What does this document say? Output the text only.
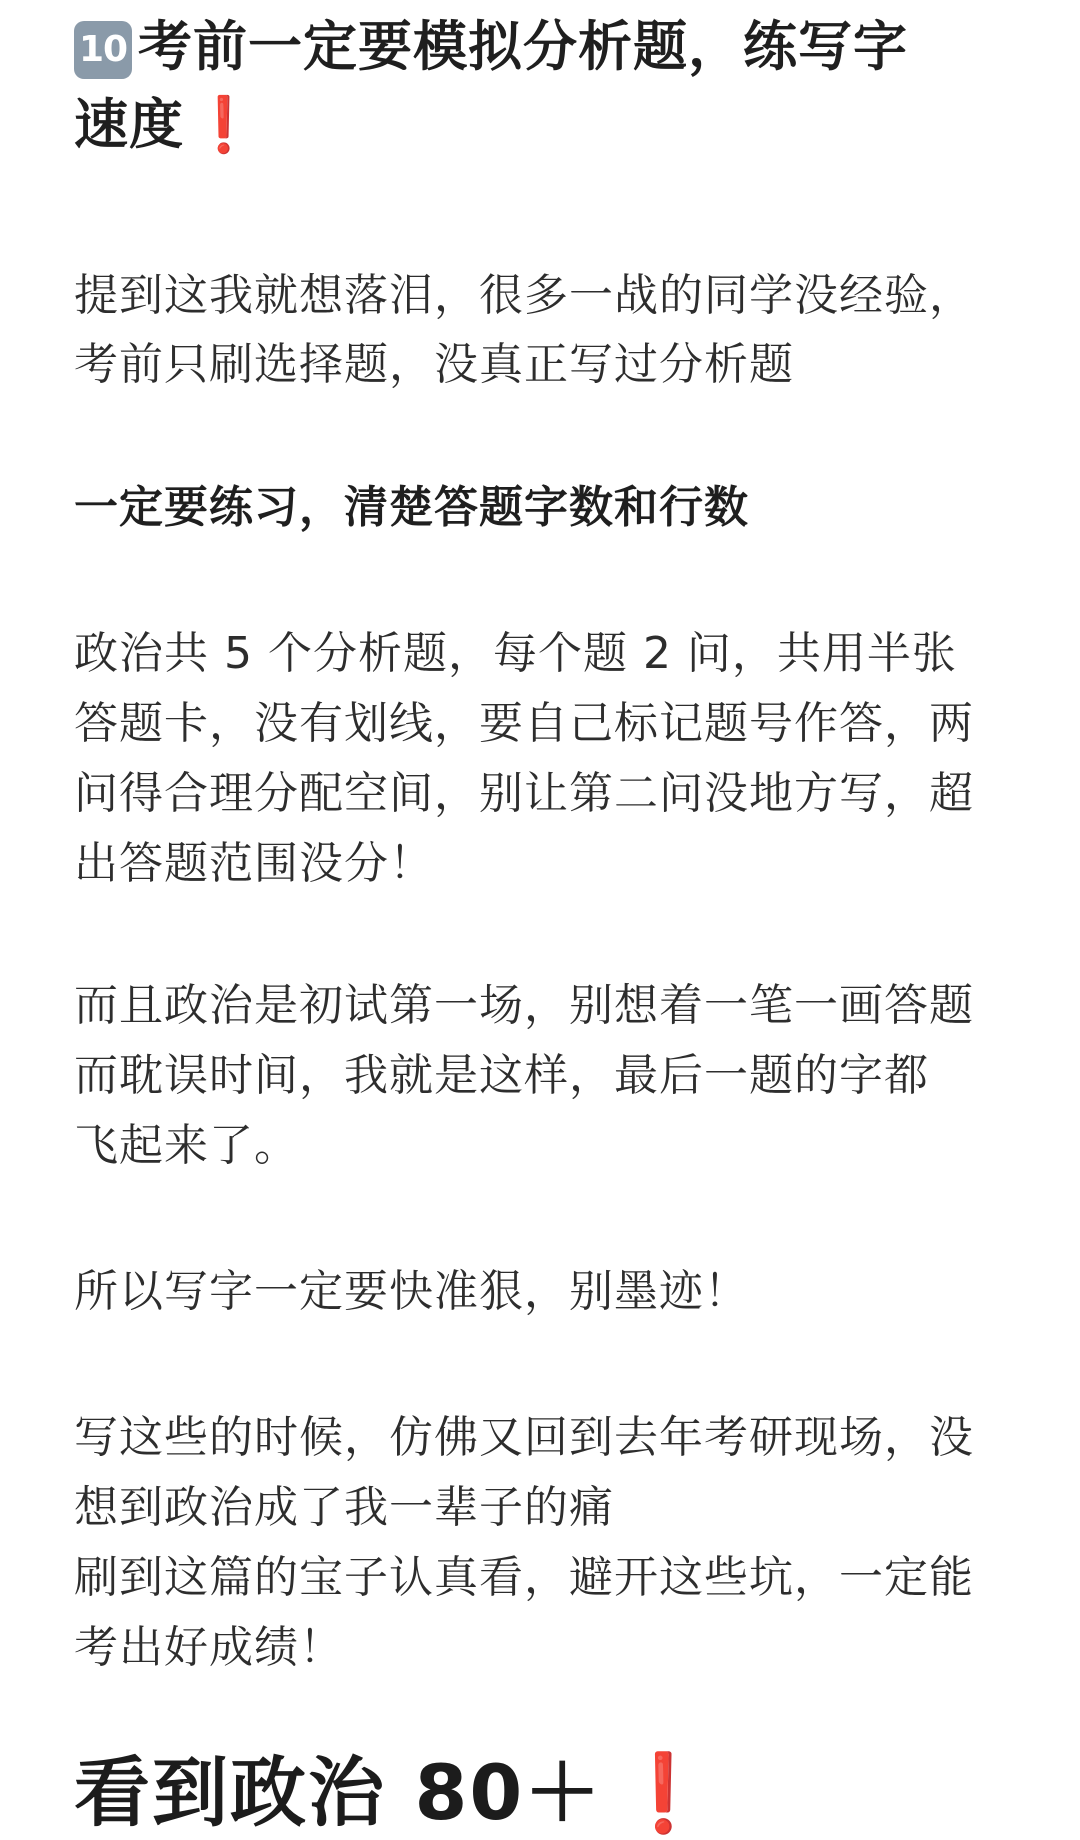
10 考前一定要模拟分析题，练写字
速度 ❗
提到这我就想落泪，很多一战的同学没经验，
考前只刷选择题，没真正写过分析题
一定要练习，清楚答题字数和行数
政治共 5 个分析题，每个题 2 问，共用半张
答题卡，没有划线，要自己标记题号作答，两
问得合理分配空间，别让第二问没地方写，超
出答题范围没分！
而且政治是初试第一场，别想着一笔一画答题
而耽误时间，我就是这样，最后一题的字都
飞起来了。
所以写字一定要快准狠，别墨迹！
写这些的时候，仿佛又回到去年考研现场，没
想到政治成了我一辈子的痛
刷到这篇的宝子认真看，避开这些坑，一定能
考出好成绩！
看到政治 80＋ ❗
